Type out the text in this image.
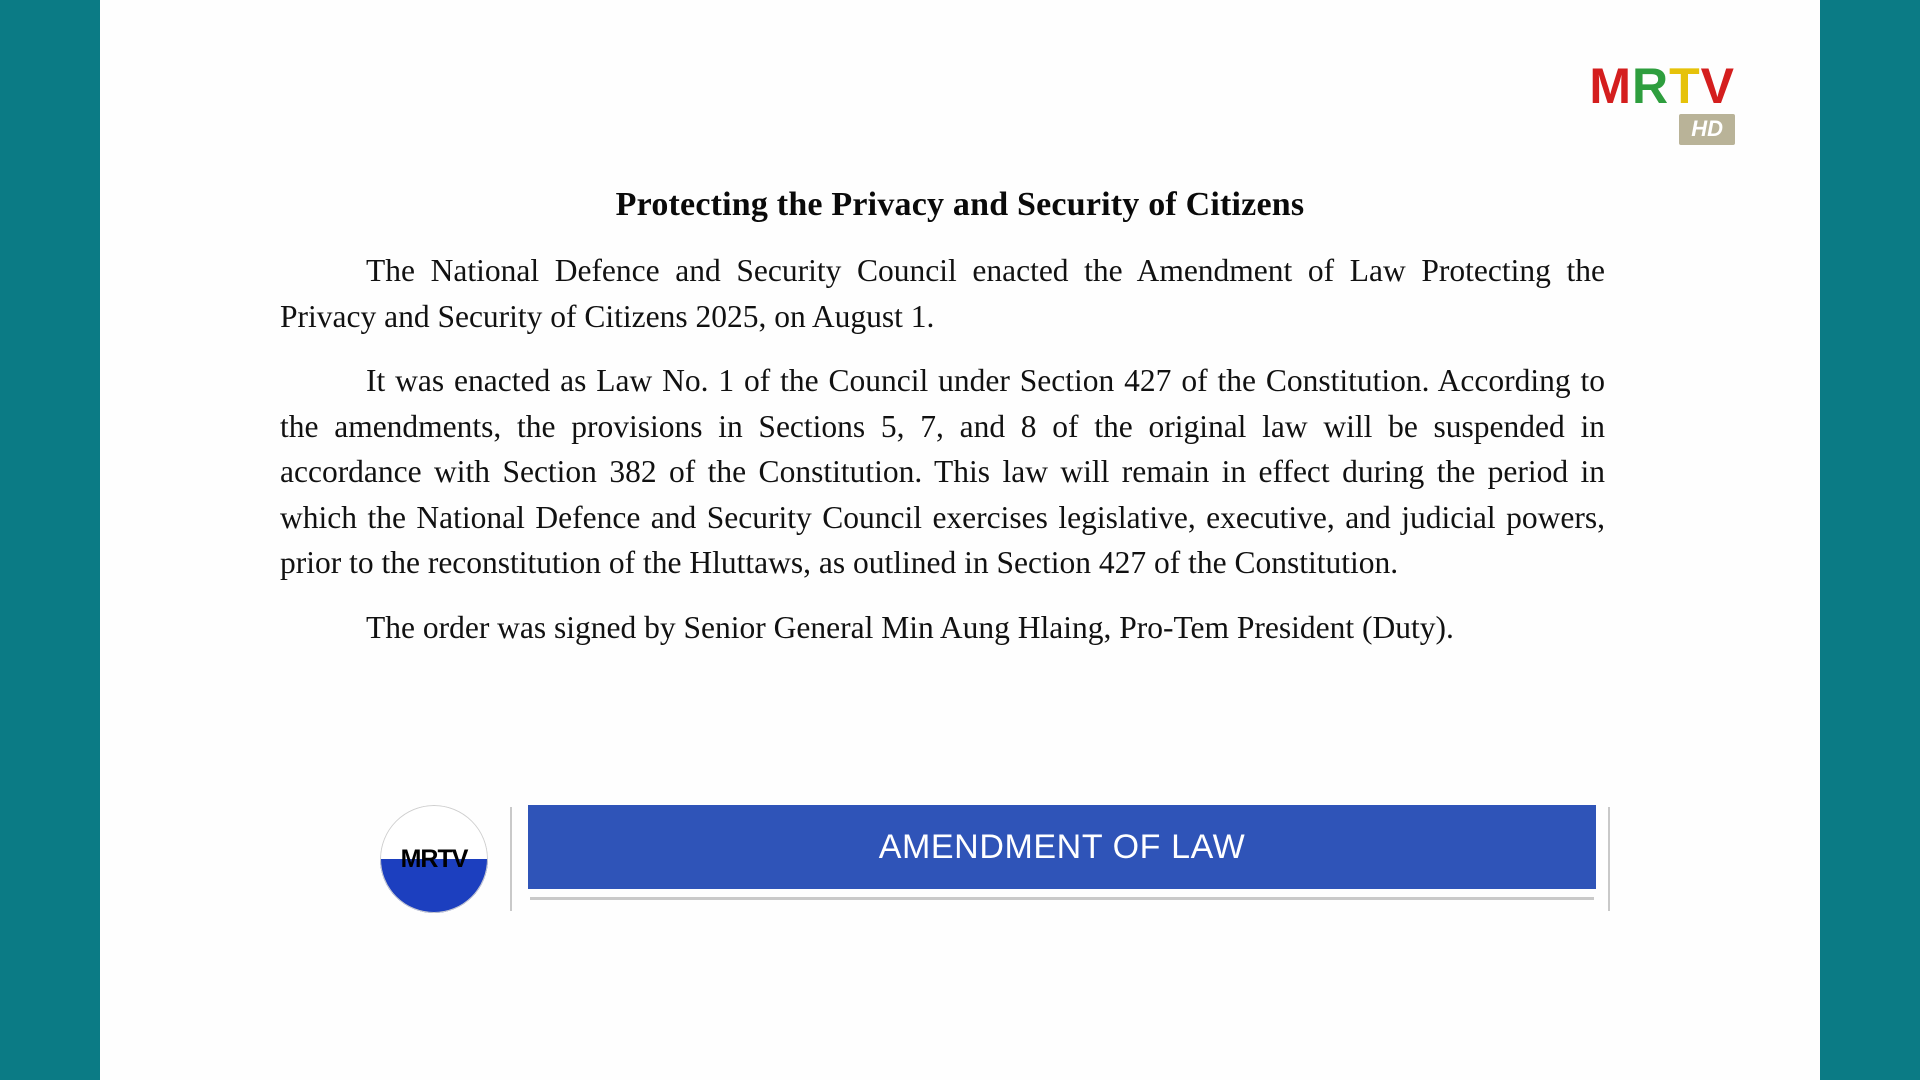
MRTV
HD
Protecting the Privacy and Security of Citizens

The National Defence and Security Council enacted the Amendment of Law Protecting the Privacy and Security of Citizens 2025, on August 1.

It was enacted as Law No. 1 of the Council under Section 427 of the Constitution. According to the amendments, the provisions in Sections 5, 7, and 8 of the original law will be suspended in accordance with Section 382 of the Constitution. This law will remain in effect during the period in which the National Defence and Security Council exercises legislative, executive, and judicial powers, prior to the reconstitution of the Hluttaws, as outlined in Section 427 of the Constitution.

The order was signed by Senior General Min Aung Hlaing, Pro-Tem President (Duty).

MRTV	AMENDMENT OF LAW
